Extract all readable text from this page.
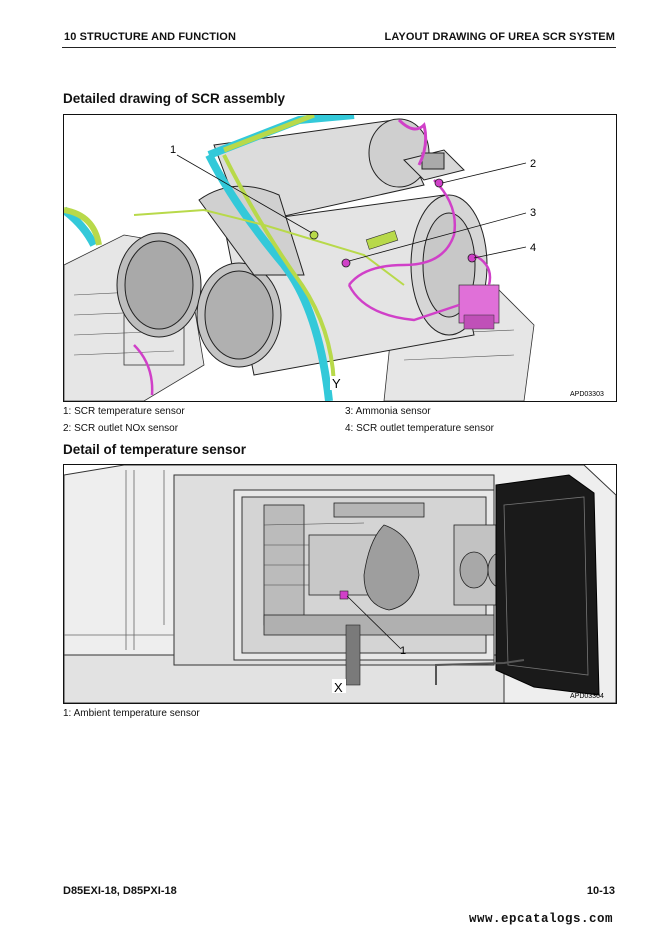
10 STRUCTURE AND FUNCTION	LAYOUT DRAWING OF UREA SCR SYSTEM
Detailed drawing of SCR assembly
1
2
3
4
Y
APD03303
1: SCR temperature sensor
2: SCR outlet NOx sensor
3: Ammonia sensor
4: SCR outlet temperature sensor
Detail of temperature sensor
1
X
APD03304
1: Ambient temperature sensor
D85EXI-18, D85PXI-18	10-13
www.epcatalogs.com
